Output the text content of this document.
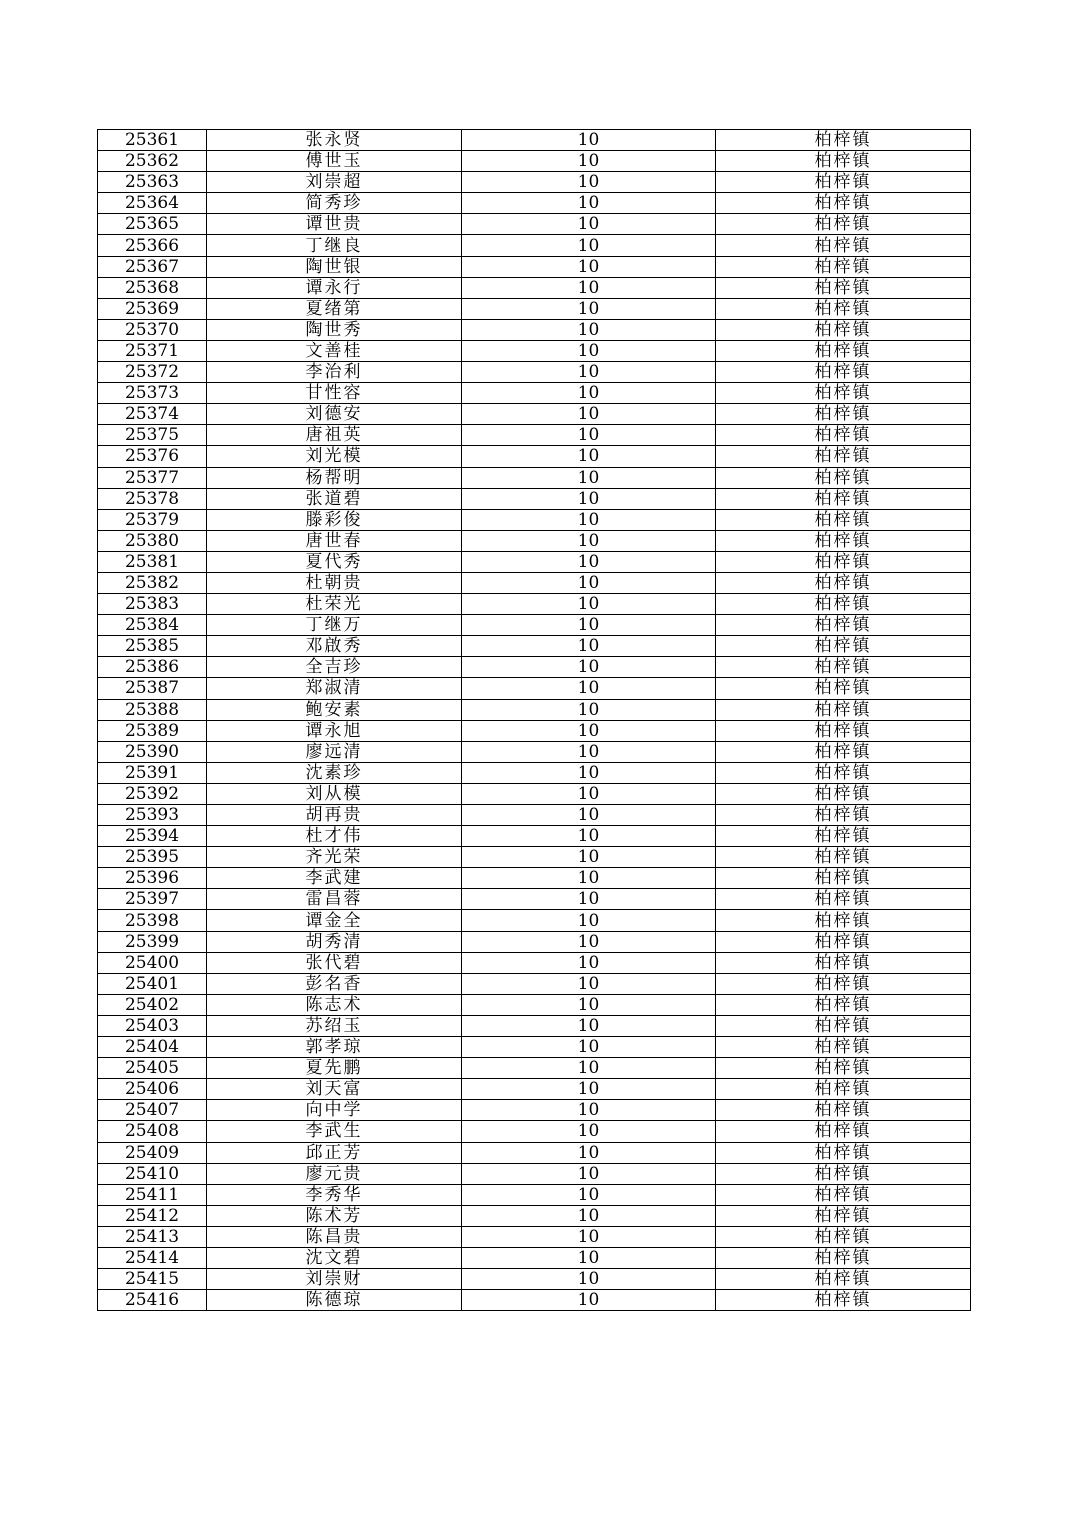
25361	张永贤	10	柏梓镇
25362	傅世玉	10	柏梓镇
25363	刘崇超	10	柏梓镇
25364	简秀珍	10	柏梓镇
25365	谭世贵	10	柏梓镇
25366	丁继良	10	柏梓镇
25367	陶世银	10	柏梓镇
25368	谭永行	10	柏梓镇
25369	夏绪第	10	柏梓镇
25370	陶世秀	10	柏梓镇
25371	文善桂	10	柏梓镇
25372	李治利	10	柏梓镇
25373	甘性容	10	柏梓镇
25374	刘德安	10	柏梓镇
25375	唐祖英	10	柏梓镇
25376	刘光模	10	柏梓镇
25377	杨帮明	10	柏梓镇
25378	张道碧	10	柏梓镇
25379	滕彩俊	10	柏梓镇
25380	唐世春	10	柏梓镇
25381	夏代秀	10	柏梓镇
25382	杜朝贵	10	柏梓镇
25383	杜荣光	10	柏梓镇
25384	丁继万	10	柏梓镇
25385	邓啟秀	10	柏梓镇
25386	全吉珍	10	柏梓镇
25387	郑淑清	10	柏梓镇
25388	鲍安素	10	柏梓镇
25389	谭永旭	10	柏梓镇
25390	廖远清	10	柏梓镇
25391	沈素珍	10	柏梓镇
25392	刘从模	10	柏梓镇
25393	胡再贵	10	柏梓镇
25394	杜才伟	10	柏梓镇
25395	齐光荣	10	柏梓镇
25396	李武建	10	柏梓镇
25397	雷昌蓉	10	柏梓镇
25398	谭金全	10	柏梓镇
25399	胡秀清	10	柏梓镇
25400	张代碧	10	柏梓镇
25401	彭名香	10	柏梓镇
25402	陈志术	10	柏梓镇
25403	苏绍玉	10	柏梓镇
25404	郭孝琼	10	柏梓镇
25405	夏先鹏	10	柏梓镇
25406	刘天富	10	柏梓镇
25407	向中学	10	柏梓镇
25408	李武生	10	柏梓镇
25409	邱正芳	10	柏梓镇
25410	廖元贵	10	柏梓镇
25411	李秀华	10	柏梓镇
25412	陈术芳	10	柏梓镇
25413	陈昌贵	10	柏梓镇
25414	沈文碧	10	柏梓镇
25415	刘崇财	10	柏梓镇
25416	陈德琼	10	柏梓镇
